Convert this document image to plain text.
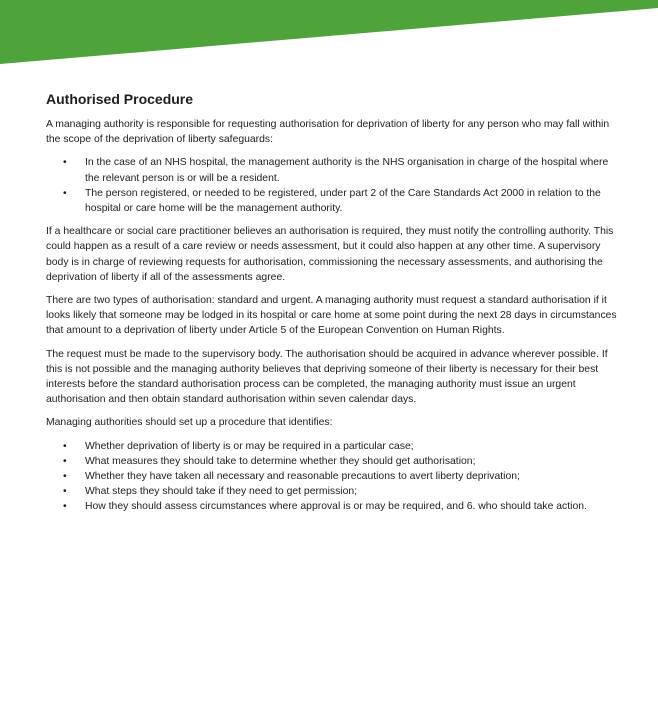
Authorised Procedure

A managing authority is responsible for requesting authorisation for deprivation of liberty for any person who may fall within the scope of the deprivation of liberty safeguards:

• In the case of an NHS hospital, the management authority is the NHS organisation in charge of the hospital where the relevant person is or will be a resident.
• The person registered, or needed to be registered, under part 2 of the Care Standards Act 2000 in relation to the hospital or care home will be the management authority.

If a healthcare or social care practitioner believes an authorisation is required, they must notify the controlling authority. This could happen as a result of a care review or needs assessment, but it could also happen at any other time. A supervisory body is in charge of reviewing requests for authorisation, commissioning the necessary assessments, and authorising the deprivation of liberty if all of the assessments agree.

There are two types of authorisation: standard and urgent. A managing authority must request a standard authorisation if it looks likely that someone may be lodged in its hospital or care home at some point during the next 28 days in circumstances that amount to a deprivation of liberty under Article 5 of the European Convention on Human Rights.

The request must be made to the supervisory body. The authorisation should be acquired in advance wherever possible. If this is not possible and the managing authority believes that depriving someone of their liberty is necessary for their best interests before the standard authorisation process can be completed, the managing authority must issue an urgent authorisation and then obtain standard authorisation within seven calendar days.

Managing authorities should set up a procedure that identifies:

• Whether deprivation of liberty is or may be required in a particular case;
• What measures they should take to determine whether they should get authorisation;
• Whether they have taken all necessary and reasonable precautions to avert liberty deprivation;
• What steps they should take if they need to get permission;
• How they should assess circumstances where approval is or may be required, and 6. who should take action.
